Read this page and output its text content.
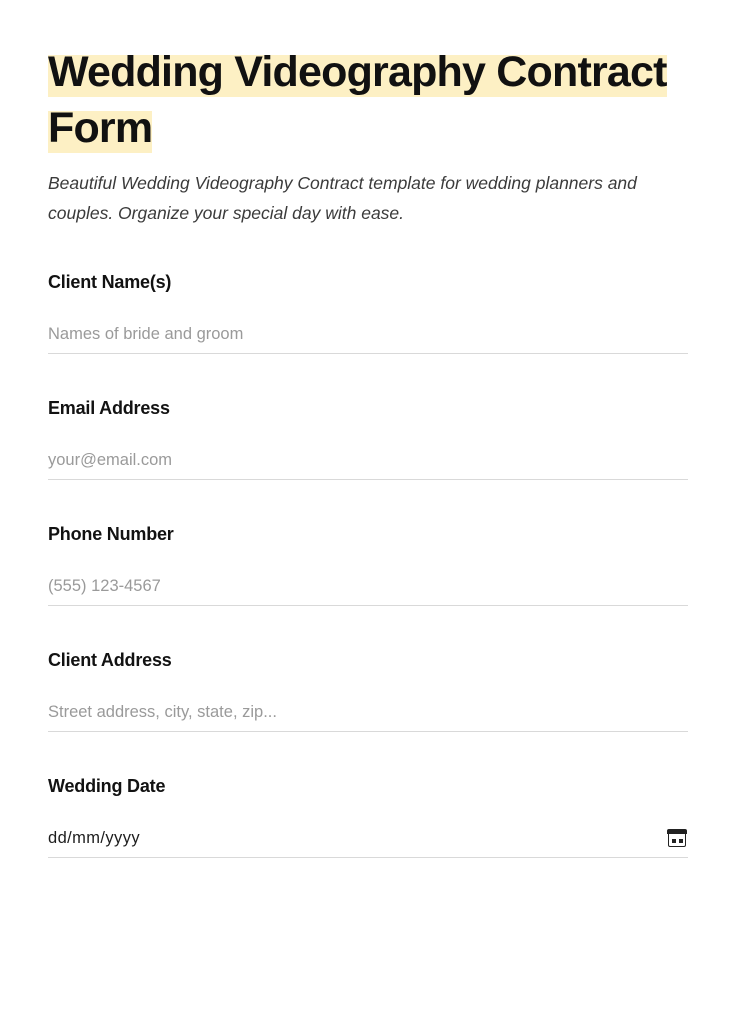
Wedding Videography Contract
Form

Beautiful Wedding Videography Contract template for wedding planners and couples. Organize your special day with ease.

Client Name(s)
Names of bride and groom
Email Address
your@email.com
Phone Number
(555) 123-4567
Client Address
Street address, city, state, zip...
Wedding Date
dd/mm/yyyy
